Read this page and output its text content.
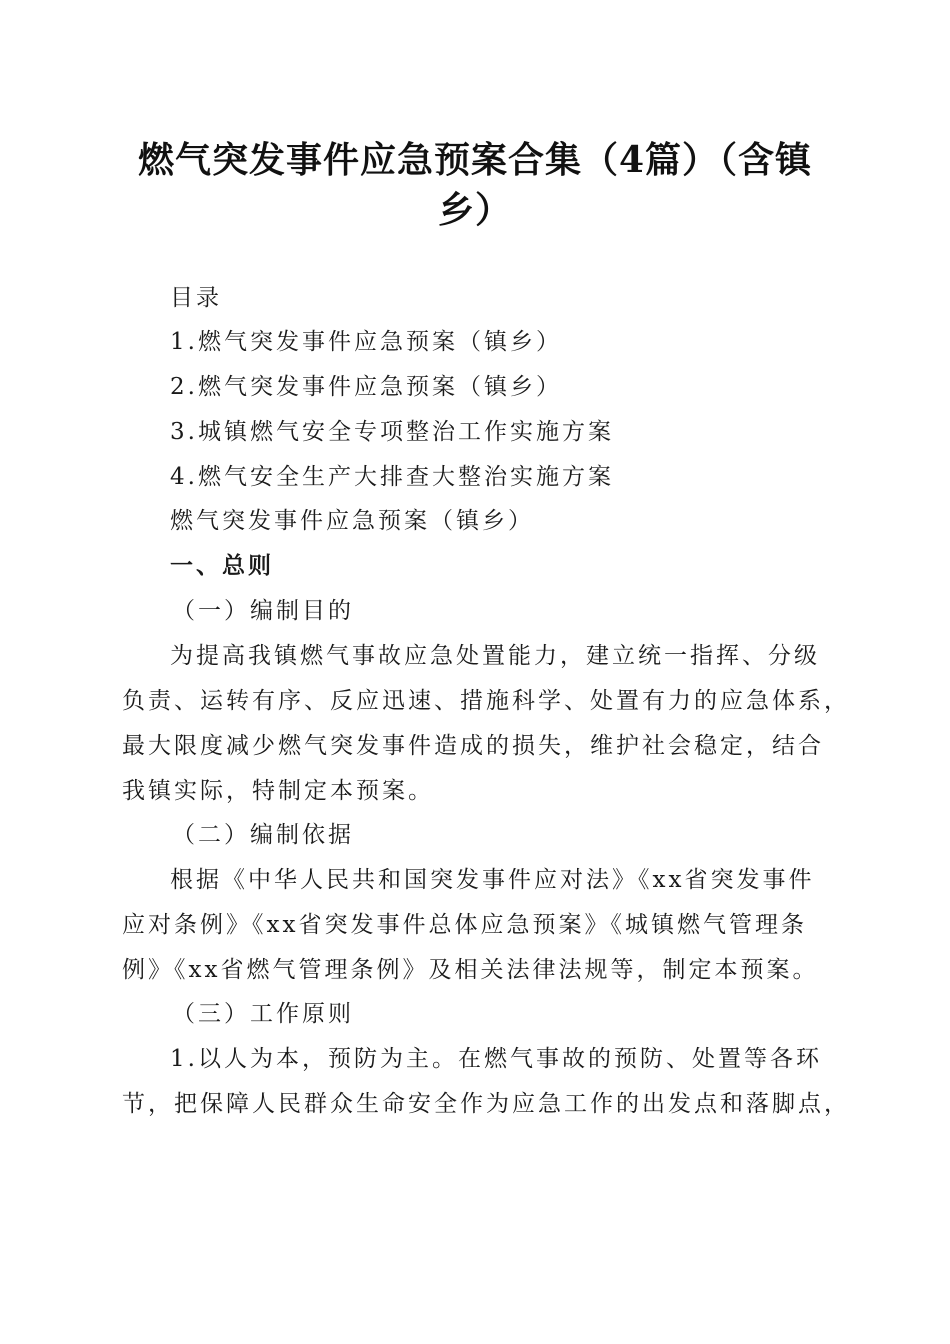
燃气突发事件应急预案合集（4篇）（含镇乡）
目录
1.燃气突发事件应急预案（镇乡）
2.燃气突发事件应急预案（镇乡）
3.城镇燃气安全专项整治工作实施方案
4.燃气安全生产大排查大整治实施方案
燃气突发事件应急预案（镇乡）
一、总则
（一）编制目的
为提高我镇燃气事故应急处置能力，建立统一指挥、分级
负责、运转有序、反应迅速、措施科学、处置有力的应急体系，
最大限度减少燃气突发事件造成的损失，维护社会稳定，结合
我镇实际，特制定本预案。
（二）编制依据
根据《中华人民共和国突发事件应对法》《xx省突发事件
应对条例》《xx省突发事件总体应急预案》《城镇燃气管理条
例》《xx省燃气管理条例》及相关法律法规等，制定本预案。
（三）工作原则
1.以人为本，预防为主。在燃气事故的预防、处置等各环
节，把保障人民群众生命安全作为应急工作的出发点和落脚点，
